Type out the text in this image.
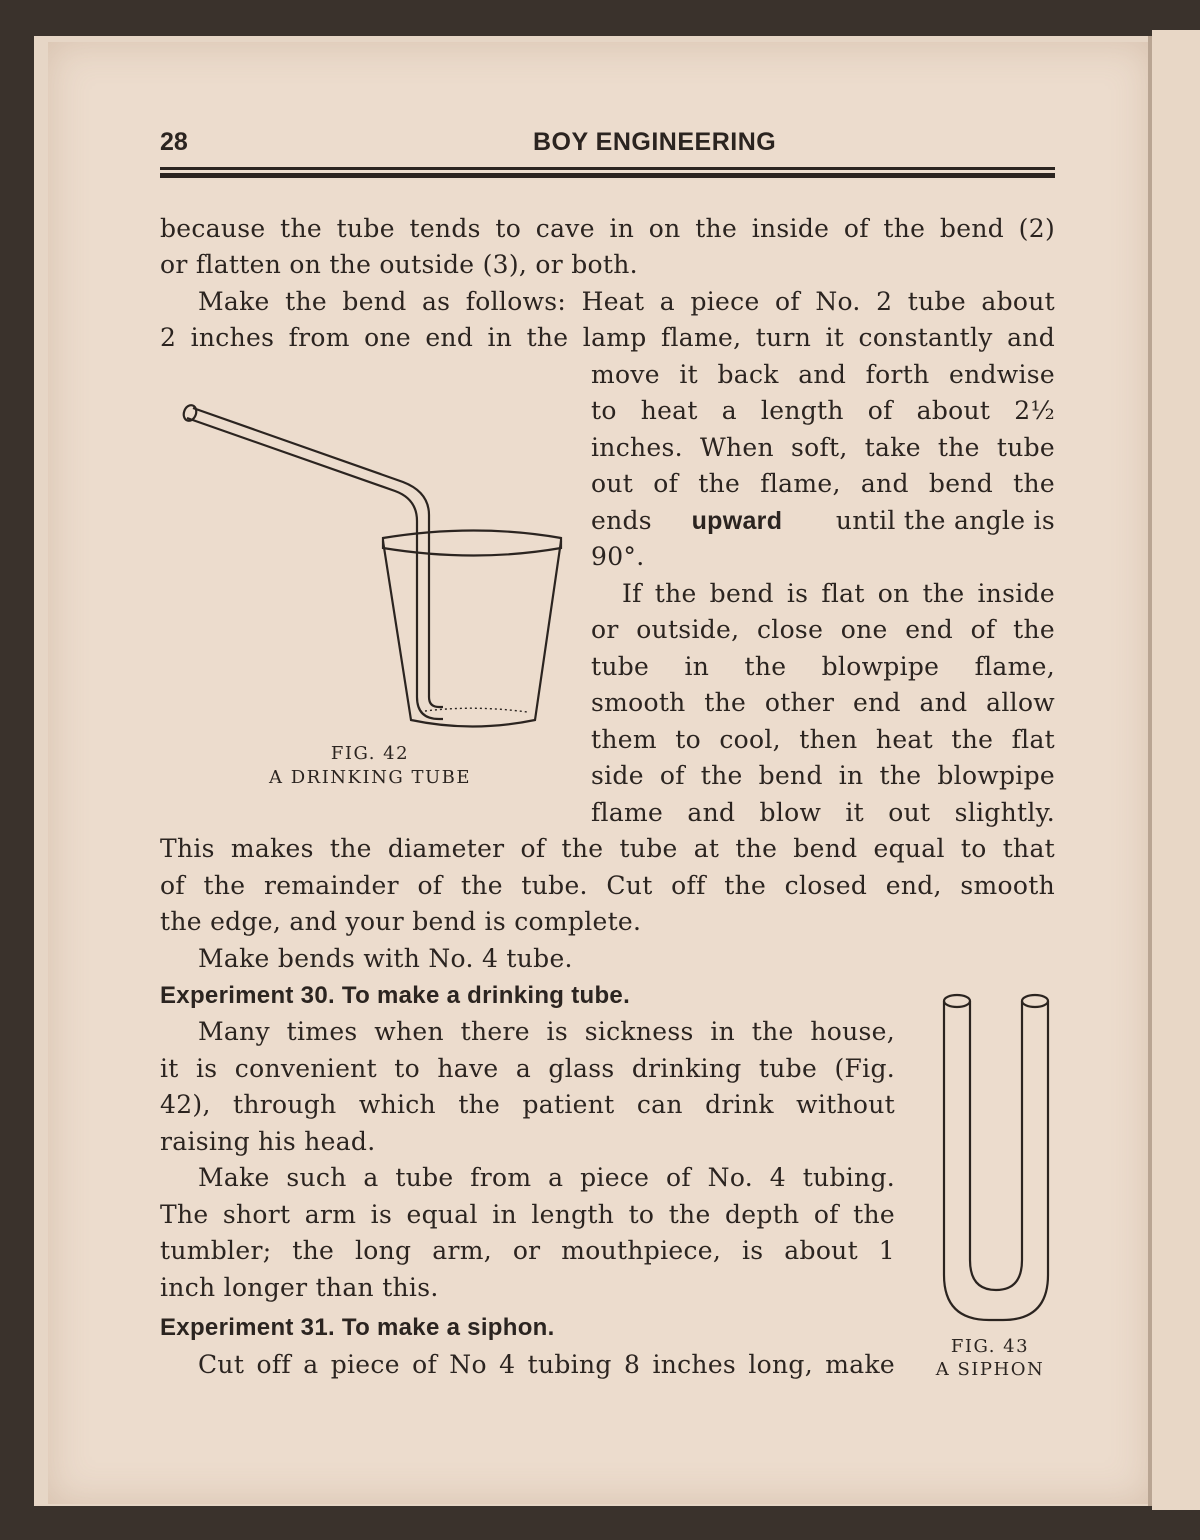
28	BOY ENGINEERING
because the tube tends to cave in on the inside of the bend (2)
or flatten on the outside (3), or both.
Make the bend as follows: Heat a piece of No. 2 tube about
2 inches from one end in the lamp flame, turn it constantly and
move it back and forth endwise
to heat a length of about 2½
inches. When soft, take the tube
out of the flame, and bend the
ends upward until the angle is
90°.
If the bend is flat on the inside
or outside, close one end of the
tube in the blowpipe flame,
smooth the other end and allow
them to cool, then heat the flat
side of the bend in the blowpipe
flame and blow it out slightly.
FIG. 42
A DRINKING TUBE
This makes the diameter of the tube at the bend equal to that
of the remainder of the tube. Cut off the closed end, smooth
the edge, and your bend is complete.
Make bends with No. 4 tube.
Experiment 30. To make a drinking tube.
Many times when there is sickness in the house,
it is convenient to have a glass drinking tube (Fig.
42), through which the patient can drink without
raising his head.
Make such a tube from a piece of No. 4 tubing.
The short arm is equal in length to the depth of the
tumbler; the long arm, or mouthpiece, is about 1
inch longer than this.
Experiment 31. To make a siphon.
Cut off a piece of No 4 tubing 8 inches long, make
FIG. 43
A SIPHON
